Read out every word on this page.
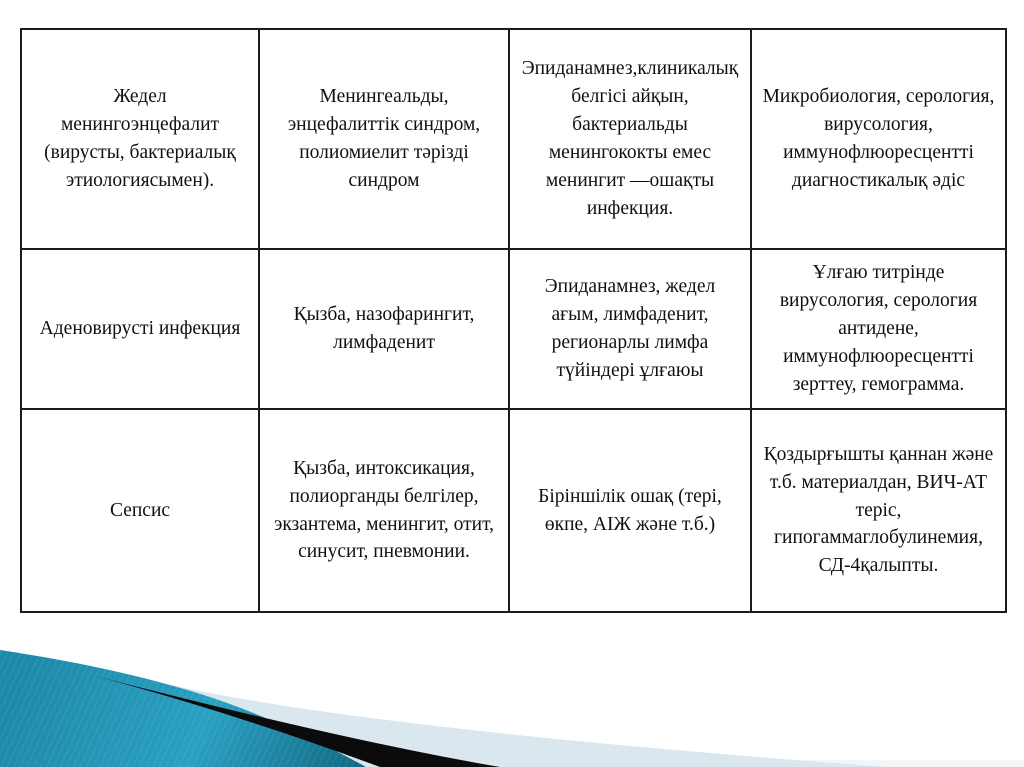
Жедел менингоэнцефалит (вирусты, бактериалық этиологиясымен).	Менингеальды, энцефалиттік синдром, полиомиелит тәрізді синдром	Эпиданамнез,клиникалық белгісі айқын, бактериальды менингококты емес менингит —ошақты инфекция.	Микробиология, серология, вирусология, иммунофлюоресцентті диагностикалық әдіс
Аденовирусті инфекция	Қызба, назофарингит, лимфаденит	Эпиданамнез, жедел ағым, лимфаденит, регионарлы лимфа түйіндері ұлғаюы	Ұлғаю титрінде вирусология, серология антидене, иммунофлюоресцентті зерттеу, гемограмма.
Сепсис	Қызба, интоксикация, полиорганды белгілер, экзантема, менингит, отит, синусит, пневмонии.	Біріншілік ошақ (тері, өкпе, АІЖ және т.б.)	Қоздырғышты қаннан және т.б. материалдан, ВИЧ-АТ теріс, гипогаммаглобулинемия, СД-4қалыпты.
